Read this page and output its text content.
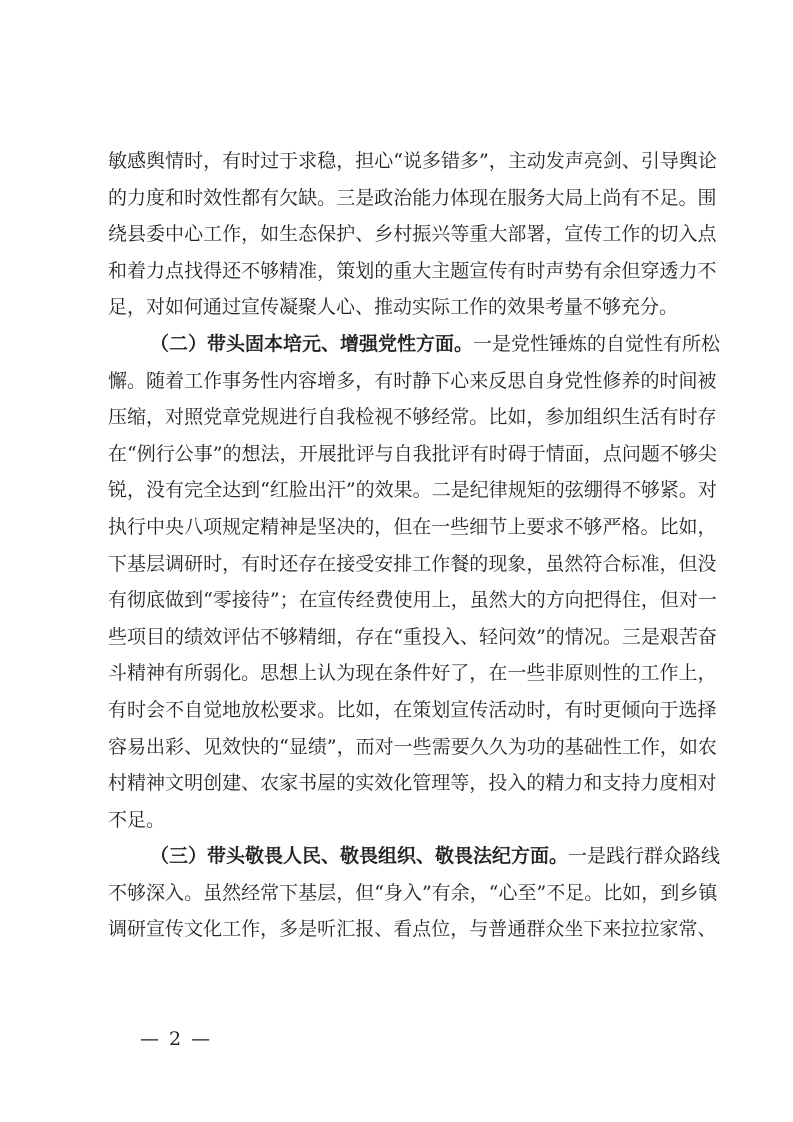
敏 感 舆 情 时 ， 有 时 过 于 求 稳 ， 担 心 “ 说 多 错 多 ” ， 主 动 发 声 亮 剑 、 引 导 舆 论
的 力 度 和 时 效 性 都 有 欠 缺 。 三 是 政 治 能 力 体 现 在 服 务 大 局 上 尚 有 不 足 。 围
绕 县 委 中 心 工 作 ， 如 生 态 保 护 、 乡 村 振 兴 等 重 大 部 署 ， 宣 传 工 作 的 切 入 点
和 着 力 点 找 得 还 不 够 精 准 ， 策 划 的 重 大 主 题 宣 传 有 时 声 势 有 余 但 穿 透 力 不
足，对如何通过宣传凝聚人心、推动实际工作的效果考量不够充分。
（二）带头固本培元、增强党性方面。 一是党性锤炼的自觉性有所松
懈 。 随 着 工 作 事 务 性 内 容 增 多 ， 有 时 静 下 心 来 反 思 自 身 党 性 修 养 的 时 间 被
压 缩 ， 对 照 党 章 党 规 进 行 自 我 检 视 不 够 经 常 。 比 如 ， 参 加 组 织 生 活 有 时 存
在 “ 例 行 公 事 ” 的 想 法 ， 开 展 批 评 与 自 我 批 评 有 时 碍 于 情 面 ， 点 问 题 不 够 尖
锐 ， 没 有 完 全 达 到 “ 红 脸 出 汗 ” 的 效 果 。 二 是 纪 律 规 矩 的 弦 绷 得 不 够 紧 。 对
执 行 中 央 八 项 规 定 精 神 是 坚 决 的 ， 但 在 一 些 细 节 上 要 求 不 够 严 格 。 比 如 ，
下 基 层 调 研 时 ， 有 时 还 存 在 接 受 安 排 工 作 餐 的 现 象 ， 虽 然 符 合 标 准 ， 但 没
有 彻 底 做 到 “ 零 接 待 ” ； 在 宣 传 经 费 使 用 上 ， 虽 然 大 的 方 向 把 得 住 ， 但 对 一
些 项 目 的 绩 效 评 估 不 够 精 细 ， 存 在 “ 重 投 入 、 轻 问 效 ” 的 情 况 。 三 是 艰 苦 奋
斗 精 神 有 所 弱 化 。 思 想 上 认 为 现 在 条 件 好 了 ， 在 一 些 非 原 则 性 的 工 作 上 ，
有 时 会 不 自 觉 地 放 松 要 求 。 比 如 ， 在 策 划 宣 传 活 动 时 ， 有 时 更 倾 向 于 选 择
容 易 出 彩 、 见 效 快 的 “ 显 绩 ” ， 而 对 一 些 需 要 久 久 为 功 的 基 础 性 工 作 ， 如 农
村 精 神 文 明 创 建 、 农 家 书 屋 的 实 效 化 管 理 等 ， 投 入 的 精 力 和 支 持 力 度 相 对
不足。
（三）带头敬畏人民、敬畏组织、敬畏法纪方面。 一是践行群众路线
不 够 深 入 。 虽 然 经 常 下 基 层 ， 但 “ 身 入 ” 有 余 ， “ 心 至 ” 不 足 。 比 如 ， 到 乡 镇
调 研 宣 传 文 化 工 作 ， 多 是 听 汇 报 、 看 点 位 ， 与 普 通 群 众 坐 下 来 拉 拉 家 常 、
— 2 —
